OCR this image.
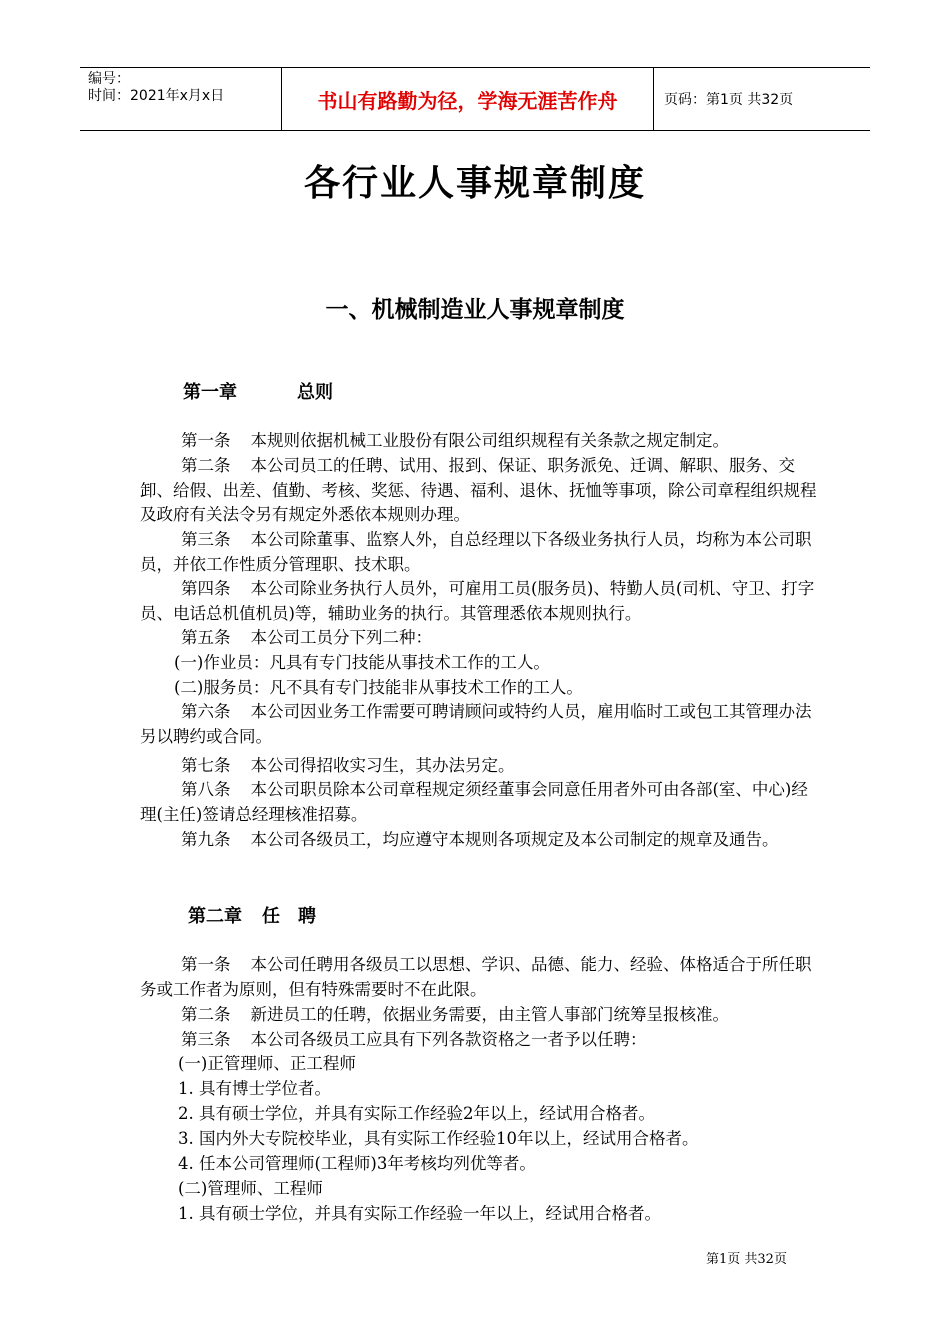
编号：
时间：2021年x月x日	书山有路勤为径，学海无涯苦作舟	页码：第1页 共32页
各行业人事规章制度
一、机械制造业人事规章制度
第一章	总则

第一条 本规则依据机械工业股份有限公司组织规程有关条款之规定制定。

第二条 本公司员工的任聘、试用、报到、保证、职务派免、迁调、解职、服务、交卸、给假、出差、值勤、考核、奖惩、待遇、福利、退休、抚恤等事项，除公司章程组织规程及政府有关法令另有规定外悉依本规则办理。

第三条 本公司除董事、监察人外，自总经理以下各级业务执行人员，均称为本公司职员，并依工作性质分管理职、技术职。

第四条 本公司除业务执行人员外，可雇用工员(服务员)、特勤人员(司机、守卫、打字员、电话总机值机员)等，辅助业务的执行。其管理悉依本规则执行。

第五条 本公司工员分下列二种：

(一)作业员：凡具有专门技能从事技术工作的工人。

(二)服务员：凡不具有专门技能非从事技术工作的工人。

第六条 本公司因业务工作需要可聘请顾问或特约人员，雇用临时工或包工其管理办法另以聘约或合同。

第七条 本公司得招收实习生，其办法另定。

第八条 本公司职员除本公司章程规定须经董事会同意任用者外可由各部(室、中心)经理(主任)签请总经理核准招募。

第九条 本公司各级员工，均应遵守本规则各项规定及本公司制定的规章及通告。

第二章 任　聘

第一条 本公司任聘用各级员工以思想、学识、品德、能力、经验、体格适合于所任职务或工作者为原则，但有特殊需要时不在此限。

第二条 新进员工的任聘，依据业务需要，由主管人事部门统筹呈报核准。

第三条 本公司各级员工应具有下列各款资格之一者予以任聘：

(一)正管理师、正工程师

1. 具有博士学位者。

2. 具有硕士学位，并具有实际工作经验2年以上，经试用合格者。

3. 国内外大专院校毕业，具有实际工作经验10年以上，经试用合格者。

4. 任本公司管理师(工程师)3年考核均列优等者。

(二)管理师、工程师

1. 具有硕士学位，并具有实际工作经验一年以上，经试用合格者。

第1页 共32页
